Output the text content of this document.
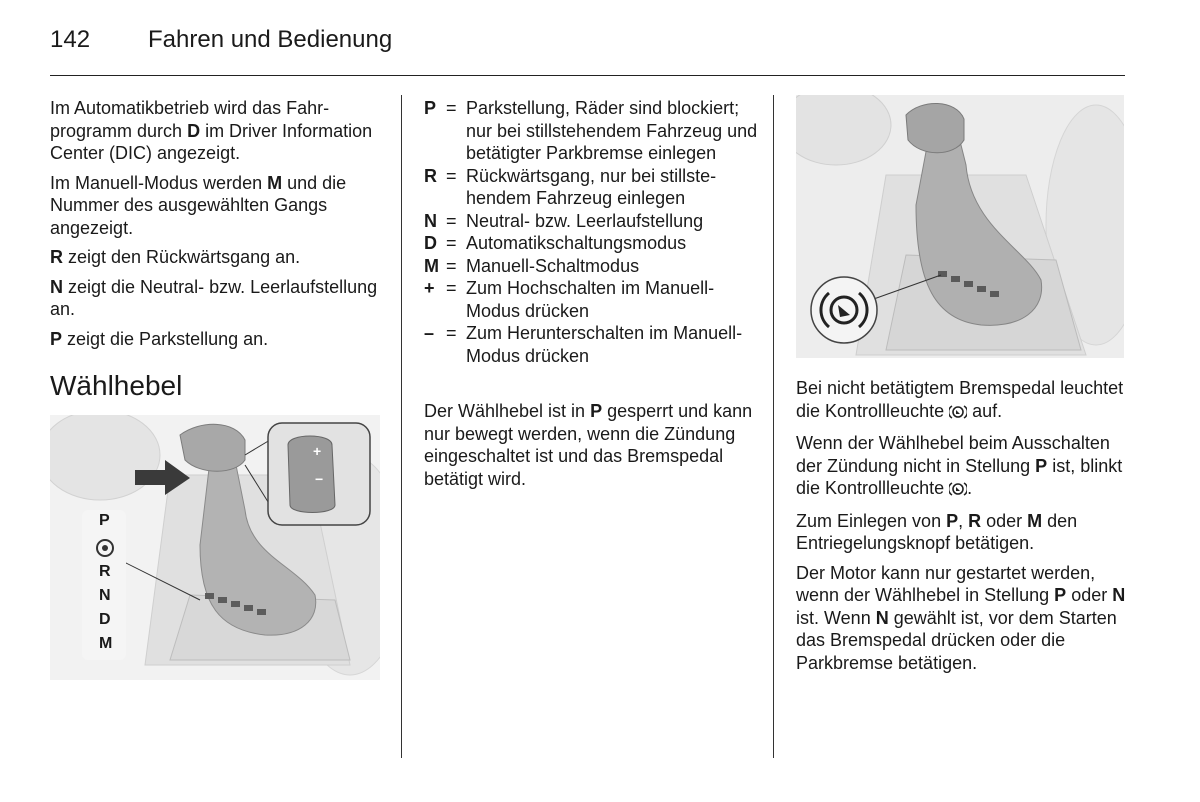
142 Fahren und Bedienung

Im Automatikbetrieb wird das Fahrprogramm durch D im Driver Information Center (DIC) angezeigt.

Im Manuell-Modus werden M und die Nummer des ausgewählten Gangs angezeigt.

R zeigt den Rückwärtsgang an.

N zeigt die Neutral- bzw. Leerlaufstellung an.

P zeigt die Parkstellung an.

Wählhebel
+
−
P
R
N
D
M
P = Parkstellung, Räder sind blockiert; nur bei stillstehendem Fahrzeug und betätigter Parkbremse einlegen
R = Rückwärtsgang, nur bei stillstehendem Fahrzeug einlegen
N = Neutral- bzw. Leerlaufstellung
D = Automatikschaltungsmodus
M = Manuell-Schaltmodus
+ = Zum Hochschalten im Manuell-Modus drücken
– = Zum Herunterschalten im Manuell-Modus drücken

Der Wählhebel ist in P gesperrt und kann nur bewegt werden, wenn die Zündung eingeschaltet ist und das Bremspedal betätigt wird.

Bei nicht betätigtem Bremspedal leuchtet die Kontrollleuchte  auf.

Wenn der Wählhebel beim Ausschalten der Zündung nicht in Stellung P ist, blinkt die Kontrollleuchte .

Zum Einlegen von P, R oder M den Entriegelungsknopf betätigen.

Der Motor kann nur gestartet werden, wenn der Wählhebel in Stellung P oder N ist. Wenn N gewählt ist, vor dem Starten das Bremspedal drücken oder die Parkbremse betätigen.
